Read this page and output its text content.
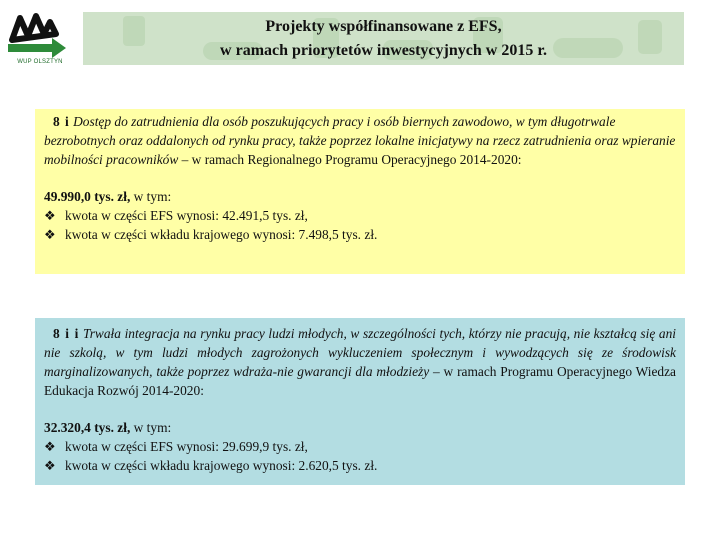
WUP OLSZTYN
Projekty współfinansowane z EFS,
w ramach priorytetów inwestycyjnych w 2015 r.

8 i Dostęp do zatrudnienia dla osób poszukujących pracy i osób biernych zawodowo, w tym długotrwale bezrobotnych oraz oddalonych od rynku pracy, także poprzez lokalne inicjatywy na rzecz zatrudnienia oraz wpieranie mobilności pracowników – w ramach Regionalnego Programu Operacyjnego 2014-2020:

49.990,0 tys. zł, w tym:

❖ kwota w części EFS wynosi: 42.491,5 tys. zł,
❖ kwota w części wkładu krajowego wynosi: 7.498,5 tys. zł.

8 i i Trwała integracja na rynku pracy ludzi młodych, w szczególności tych, którzy nie pracują, nie kształcą się ani nie szkolą, w tym ludzi młodych zagrożonych wykluczeniem społecznym i wywodzących się ze środowisk marginalizowanych, także poprzez wdraża-nie gwarancji dla młodzieży – w ramach Programu Operacyjnego Wiedza Edukacja Rozwój 2014-2020:

32.320,4 tys. zł, w tym:

❖ kwota w części EFS wynosi: 29.699,9 tys. zł,
❖ kwota w części wkładu krajowego wynosi: 2.620,5 tys. zł.
